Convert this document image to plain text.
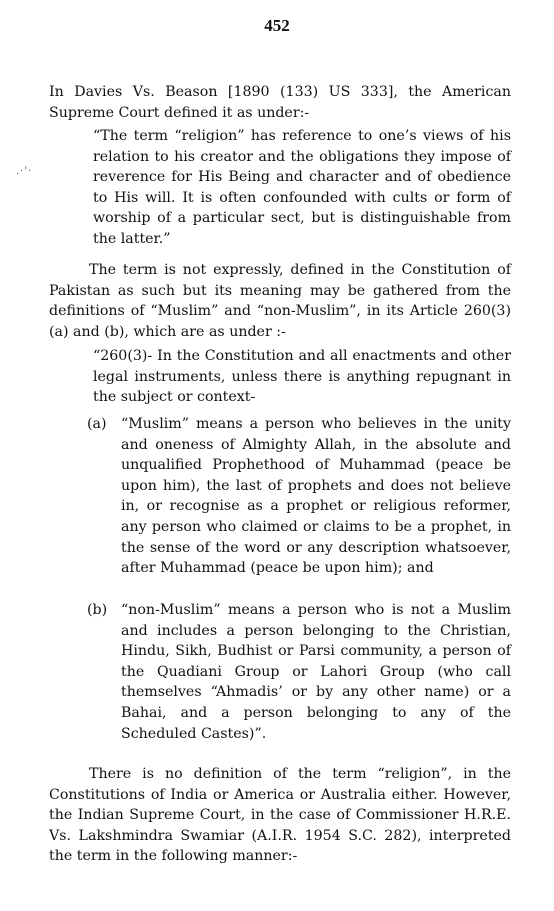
452
.·'·
In Davies Vs. Beason [1890 (133) US 333], the American Supreme Court defined it as under:-
“The term “religion” has reference to one’s views of his relation to his creator and the obligations they impose of reverence for His Being and character and of obedience to His will. It is often confounded with cults or form of worship of a particular sect, but is distinguishable from the latter.”
The term is not expressly, defined in the Constitution of Pakistan as such but its meaning may be gathered from the definitions of “Muslim” and “non-Muslim”, in its Article 260(3) (a) and (b), which are as under :-
“260(3)- In the Constitution and all enactments and other legal instruments, unless there is anything repugnant in the subject or context-
(a)	“Muslim” means a person who believes in the unity and oneness of Almighty Allah, in the absolute and unqualified Prophethood of Muhammad (peace be upon him), the last of prophets and does not believe in, or recognise as a prophet or religious reformer, any person who claimed or claims to be a prophet, in the sense of the word or any description whatsoever, after Muhammad (peace be upon him); and
(b) “non-Muslim” means a person who is not a Muslim and includes a person belonging to the Christian, Hindu, Sikh, Budhist or Parsi community, a person of the Quadiani Group or Lahori Group (who call themselves “Ahmadis’ or by any other name) or a Bahai, and a person belonging to any of the Scheduled Castes)”.
There is no definition of the term “religion”, in the Constitutions of India or America or Australia either. However, the Indian Supreme Court, in the case of Commissioner H.R.E. Vs. Lakshmindra Swamiar (A.I.R. 1954 S.C. 282), interpreted the term in the following manner:-
